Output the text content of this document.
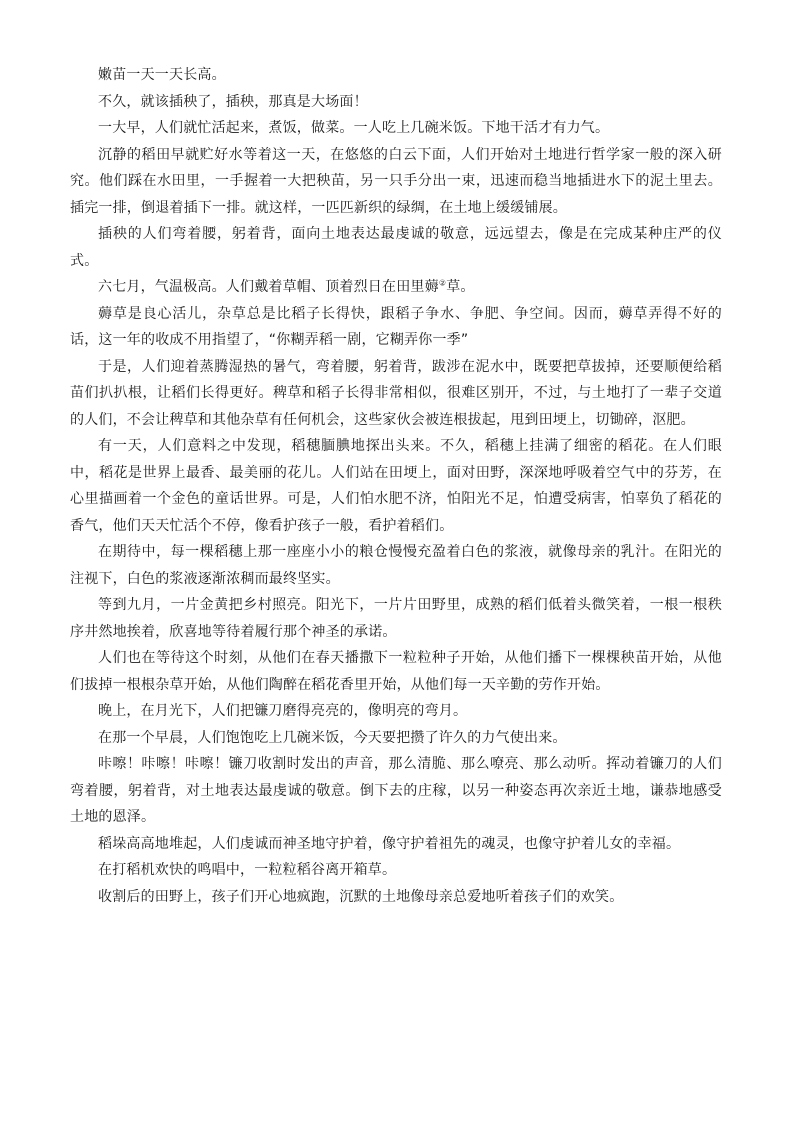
嫩苗一天一天长高。

不久，就该插秧了，插秧，那真是大场面！

一大早，人们就忙活起来，煮饭，做菜。一人吃上几碗米饭。下地干活才有力气。

沉静的稻田早就贮好水等着这一天，在悠悠的白云下面，人们开始对土地进行哲学家一般的深入研究。他们踩在水田里，一手握着一大把秧苗，另一只手分出一束，迅速而稳当地插进水下的泥土里去。插完一排，倒退着插下一排。就这样，一匹匹新织的绿绸，在土地上缓缓铺展。

插秧的人们弯着腰，躬着背，面向土地表达最虔诚的敬意，远远望去，像是在完成某种庄严的仪式。

六七月，气温极高。人们戴着草帽、顶着烈日在田里薅②草。

薅草是良心活儿，杂草总是比稻子长得快，跟稻子争水、争肥、争空间。因而，薅草弄得不好的话，这一年的收成不用指望了，“你糊弄稻一剧，它糊弄你一季”

于是，人们迎着蒸腾湿热的暑气，弯着腰，躬着背，跋涉在泥水中，既要把草拔掉，还要顺便给稻苗们扒扒根，让稻们长得更好。稗草和稻子长得非常相似，很难区别开，不过，与土地打了一辈子交道的人们，不会让稗草和其他杂草有任何机会，这些家伙会被连根拔起，甩到田埂上，切锄碎，沤肥。

有一天，人们意料之中发现，稻穗腼腆地探出头来。不久，稻穗上挂满了细密的稻花。在人们眼中，稻花是世界上最香、最美丽的花儿。人们站在田埂上，面对田野，深深地呼吸着空气中的芬芳，在心里描画着一个金色的童话世界。可是，人们怕水肥不济，怕阳光不足，怕遭受病害，怕辜负了稻花的香气，他们天天忙活个不停，像看护孩子一般，看护着稻们。

在期待中，每一棵稻穗上那一座座小小的粮仓慢慢充盈着白色的浆液，就像母亲的乳汁。在阳光的注视下，白色的浆液逐渐浓稠而最终坚实。

等到九月，一片金黄把乡村照亮。阳光下，一片片田野里，成熟的稻们低着头微笑着，一根一根秩序井然地挨着，欣喜地等待着履行那个神圣的承诺。

人们也在等待这个时刻，从他们在春天播撒下一粒粒种子开始，从他们播下一棵棵秧苗开始，从他们拔掉一根根杂草开始，从他们陶醉在稻花香里开始，从他们每一天辛勤的劳作开始。

晚上，在月光下，人们把镰刀磨得亮亮的，像明亮的弯月。

在那一个早晨，人们饱饱吃上几碗米饭，今天要把攒了许久的力气使出来。

咔嚓！咔嚓！咔嚓！镰刀收割时发出的声音，那么清脆、那么嘹亮、那么动听。挥动着镰刀的人们弯着腰，躬着背，对土地表达最虔诚的敬意。倒下去的庄稼，以另一种姿态再次亲近土地，谦恭地感受土地的恩泽。

稻垛高高地堆起，人们虔诚而神圣地守护着，像守护着祖先的魂灵，也像守护着儿女的幸福。

在打稻机欢快的鸣唱中，一粒粒稻谷离开箱草。

收割后的田野上，孩子们开心地疯跑，沉默的土地像母亲总爱地听着孩子们的欢笑。
